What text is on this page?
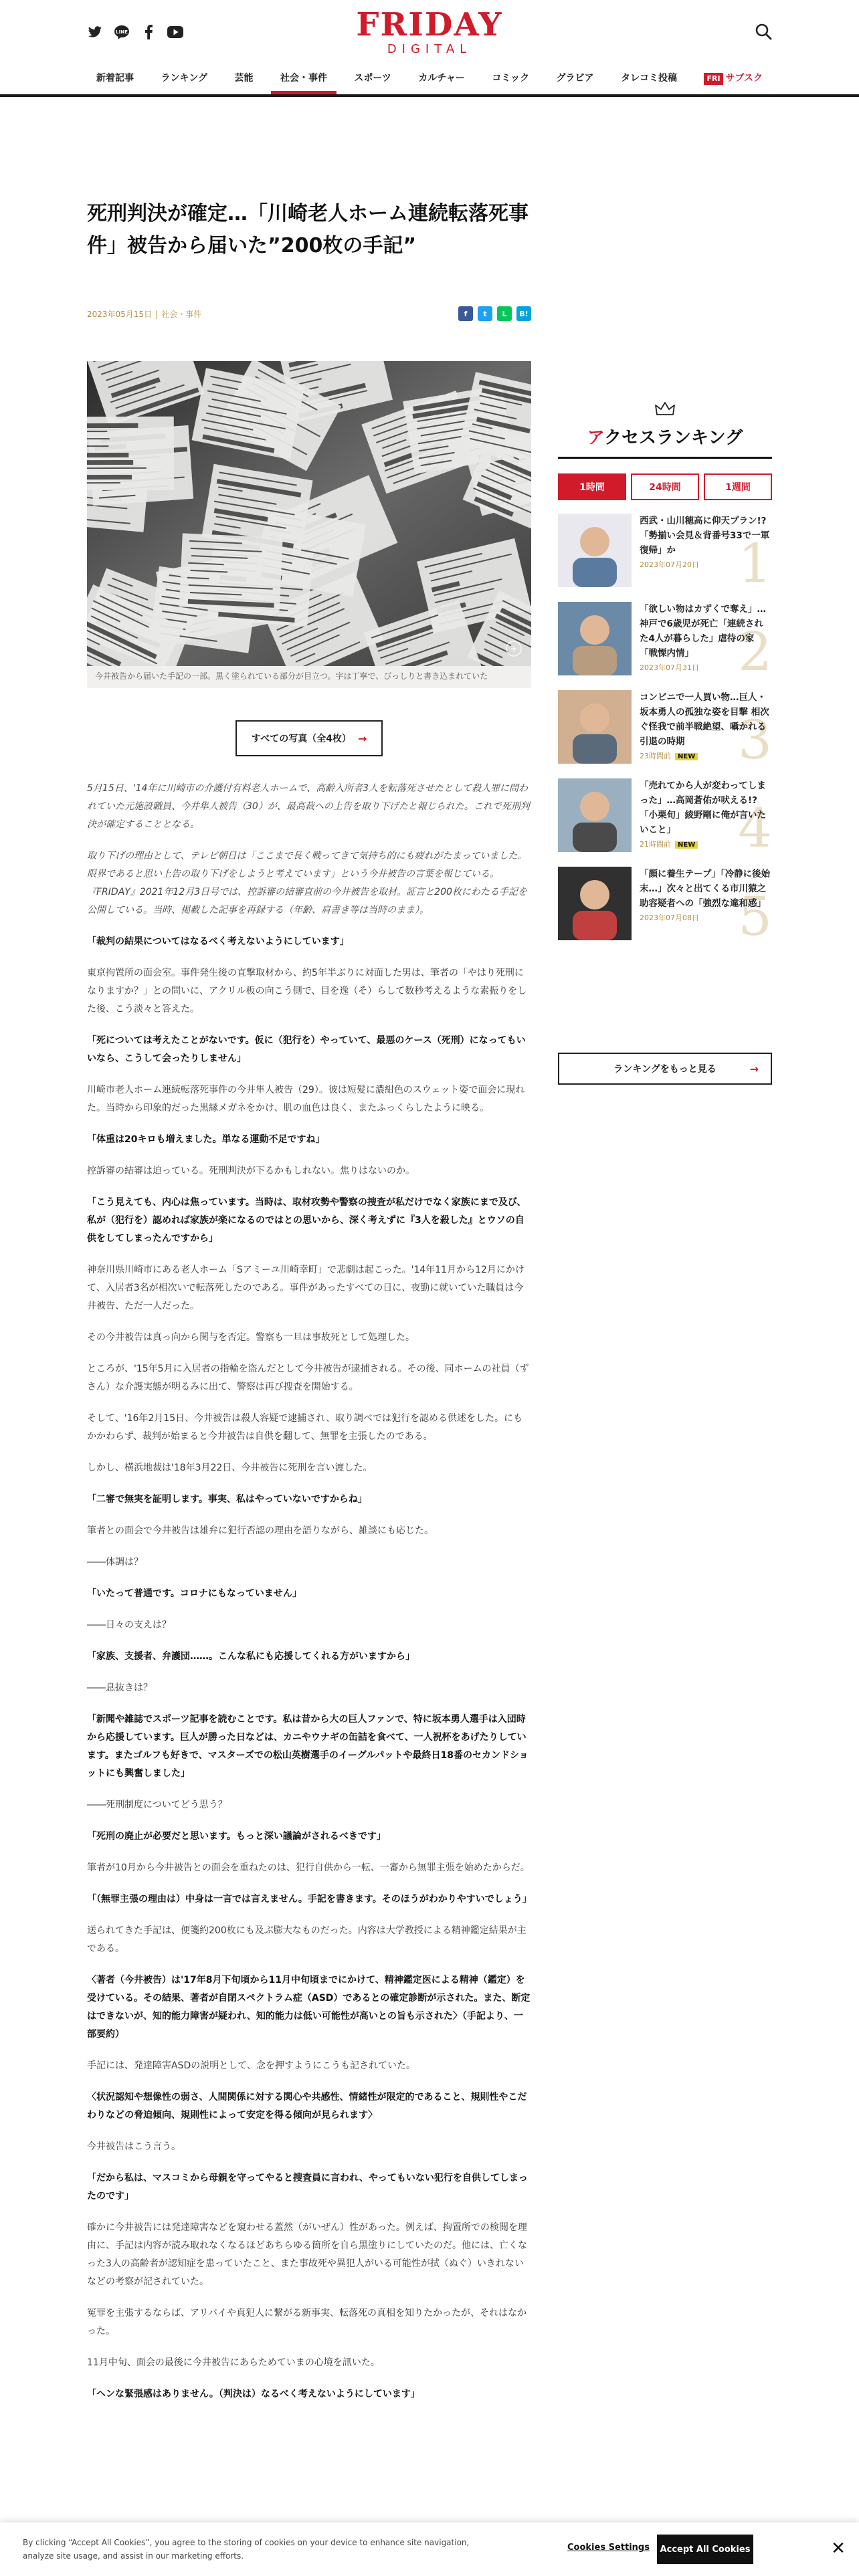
LINE	FRIDAY
DIGITAL
新着記事	ランキング	芸能	社会・事件	スポーツ	カルチャー	コミック	グラビア	タレコミ投稿	FRI サブスク
死刑判決が確定…「川崎老人ホーム連続転落死事件」被告から届いた”200枚の手記”
2023年05月15日 | 社会・事件	f	t	L	B!
今井被告から届いた手記の一部。黒く塗られている部分が目立つ。字は丁寧で、びっしりと書き込まれていた
すべての写真（全4枚） →

5月15日、'14年に川崎市の介護付有料老人ホームで、高齢入所者3人を転落死させたとして殺人罪に問われていた元施設職員、今井隼人被告（30）が、最高裁への上告を取り下げたと報じられた。これで死刑判決が確定することとなる。

取り下げの理由として、テレビ朝日は「ここまで長く戦ってきて気持ち的にも疲れがたまっていました。限界であると思い上告の取り下げをしようと考えています」という今井被告の言葉を報じている。『FRIDAY』2021年12月3日号では、控訴審の結審直前の今井被告を取材。証言と200枚にわたる手記を公開している。当時、掲載した記事を再録する（年齢、肩書き等は当時のまま）。

「裁判の結果についてはなるべく考えないようにしています」

東京拘置所の面会室。事件発生後の直撃取材から、約5年半ぶりに対面した男は、筆者の「やはり死刑になりますか？」との問いに、アクリル板の向こう側で、目を逸（そ）らして数秒考えるような素振りをした後、こう淡々と答えた。

「死については考えたことがないです。仮に（犯行を）やっていて、最悪のケース（死刑）になってもいいなら、こうして会ったりしません」

川崎市老人ホーム連続転落死事件の今井隼人被告（29）。彼は短髪に濃紺色のスウェット姿で面会に現れた。当時から印象的だった黒縁メガネをかけ、肌の血色は良く、またふっくらしたように映る。

「体重は20キロも増えました。単なる運動不足ですね」

控訴審の結審は迫っている。死刑判決が下るかもしれない。焦りはないのか。

「こう見えても、内心は焦っています。当時は、取材攻勢や警察の捜査が私だけでなく家族にまで及び、私が（犯行を）認めれば家族が楽になるのではとの思いから、深く考えずに『3人を殺した』とウソの自供をしてしまったんですから」

神奈川県川崎市にある老人ホーム「Sアミーユ川崎幸町」で悲劇は起こった。'14年11月から12月にかけて、入居者3名が相次いで転落死したのである。事件があったすべての日に、夜勤に就いていた職員は今井被告、ただ一人だった。

その今井被告は真っ向から関与を否定。警察も一旦は事故死として処理した。

ところが、'15年5月に入居者の指輪を盗んだとして今井被告が逮捕される。その後、同ホームの社員（ずさん）な介護実態が明るみに出て、警察は再び捜査を開始する。

そして、'16年2月15日、今井被告は殺人容疑で逮捕され、取り調べでは犯行を認める供述をした。にもかかわらず、裁判が始まると今井被告は自供を翻して、無罪を主張したのである。

しかし、横浜地裁は'18年3月22日、今井被告に死刑を言い渡した。

「二審で無実を証明します。事実、私はやっていないですからね」

筆者との面会で今井被告は雄弁に犯行否認の理由を語りながら、雑談にも応じた。

――体調は？

「いたって普通です。コロナにもなっていません」

――日々の支えは？

「家族、支援者、弁護団……。こんな私にも応援してくれる方がいますから」

――息抜きは？

「新聞や雑誌でスポーツ記事を読むことです。私は昔から大の巨人ファンで、特に坂本勇人選手は入団時から応援しています。巨人が勝った日などは、カニやウナギの缶詰を食べて、一人祝杯をあげたりしています。またゴルフも好きで、マスターズでの松山英樹選手のイーグルパットや最終日18番のセカンドショットにも興奮しました」

――死刑制度についてどう思う？

「死刑の廃止が必要だと思います。もっと深い議論がされるべきです」

筆者が10月から今井被告との面会を重ねたのは、犯行自供から一転、一審から無罪主張を始めたからだ。

「（無罪主張の理由は）中身は一言では言えません。手記を書きます。そのほうがわかりやすいでしょう」

送られてきた手記は、便箋約200枚にも及ぶ膨大なものだった。内容は大学教授による精神鑑定結果が主である。

〈著者（今井被告）は'17年8月下旬頃から11月中旬頃までにかけて、精神鑑定医による精神（鑑定）を受けている。その結果、著者が自閉スペクトラム症（ASD）であるとの確定診断が示された。また、断定はできないが、知的能力障害が疑われ、知的能力は低い可能性が高いとの旨も示された〉（手記より、一部要約）

手記には、発達障害ASDの説明として、念を押すようにこうも記されていた。

〈状況認知や想像性の弱さ、人間関係に対する関心や共感性、情緒性が限定的であること、規則性やこだわりなどの脅迫傾向、規則性によって安定を得る傾向が見られます〉

今井被告はこう言う。

「だから私は、マスコミから母親を守ってやると捜査員に言われ、やってもいない犯行を自供してしまったのです」

確かに今井被告には発達障害などを窺わせる蓋然（がいぜん）性があった。例えば、拘置所での検閲を理由に、手記は内容が読み取れなくなるほどあちらゆる箇所を自ら黒塗りにしていたのだ。他には、亡くなった3人の高齢者が認知症を患っていたこと、また事故死や異犯人がいる可能性が拭（ぬぐ）いきれないなどの考察が記されていた。

冤罪を主張するならば、アリバイや真犯人に繋がる新事実、転落死の真相を知りたかったが、それはなかった。

11月中旬、面会の最後に今井被告にあらためていまの心境を訊いた。

「ヘンな緊張感はありません。（判決は）なるべく考えないようにしています」

アクセスランキング
1時間	24時間	1週間
西武・山川穂高に仰天プラン!?「勢揃い会見＆背番号33で一軍復帰」か
2023年07月20日 1
「欲しい物はカずくで奪え」…神戸で6歳児が死亡「連続された4人が暮らした」虐待の家「戦慄内情」
2023年07月31日 2
コンビニで一人買い物…巨人・坂本勇人の孤独な姿を目撃 相次ぐ怪我で前半戦絶望、囁かれる引退の時期
23時間前 NEW 3
「売れてから人が変わってしまった」…高岡蒼佑が吠える!?「小栗旬」綾野剛に俺が言いたいこと」
21時間前 NEW 4
「顔に養生テープ」「冷静に後始末…」次々と出てくる市川猿之助容疑者への「強烈な違和感」
2023年07月08日 5
ランキングをもっと見る	→
By clicking “Accept All Cookies”, you agree to the storing of cookies on your device to enhance site navigation, analyze site usage, and assist in our marketing efforts.
Cookies Settings	Accept All Cookies	✕
